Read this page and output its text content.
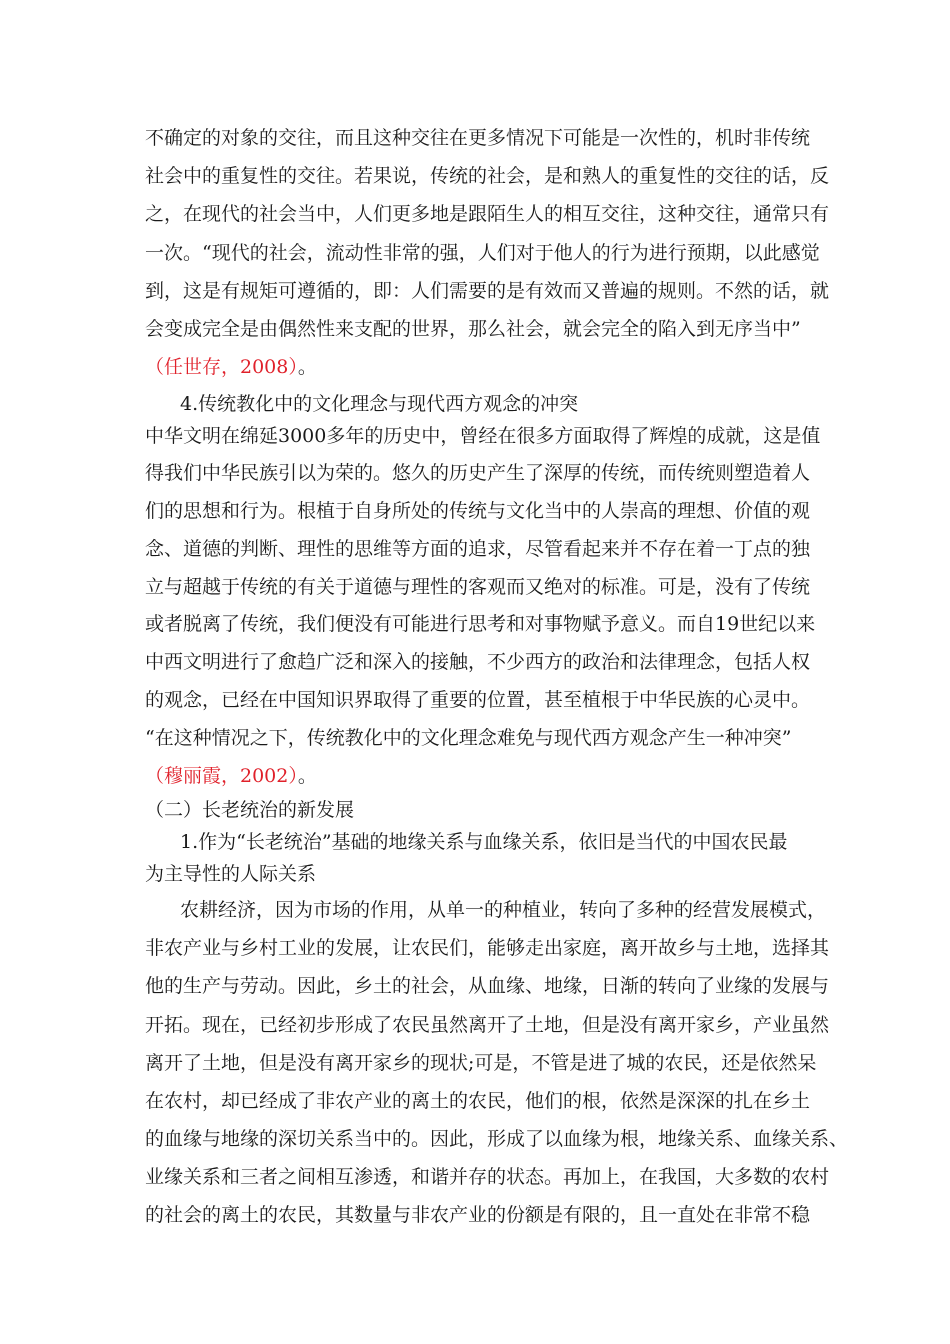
不确定的对象的交往，而且这种交往在更多情况下可能是一次性的，机时非传统
社会中的重复性的交往。若果说，传统的社会，是和熟人的重复性的交往的话，反
之，在现代的社会当中，人们更多地是跟陌生人的相互交往，这种交往，通常只有
一次。“现代的社会，流动性非常的强，人们对于他人的行为进行预期，以此感觉
到，这是有规矩可遵循的，即：人们需要的是有效而又普遍的规则。不然的话，就
会变成完全是由偶然性来支配的世界，那么社会，就会完全的陷入到无序当中”
（任世存，2008）。
4.传统教化中的文化理念与现代西方观念的冲突
中华文明在绵延3000多年的历史中，曾经在很多方面取得了辉煌的成就，这是值
得我们中华民族引以为荣的。悠久的历史产生了深厚的传统，而传统则塑造着人
们的思想和行为。根植于自身所处的传统与文化当中的人崇高的理想、价值的观
念、道德的判断、理性的思维等方面的追求，尽管看起来并不存在着一丁点的独
立与超越于传统的有关于道德与理性的客观而又绝对的标准。可是，没有了传统
或者脱离了传统，我们便没有可能进行思考和对事物赋予意义。而自19世纪以来
中西文明进行了愈趋广泛和深入的接触，不少西方的政治和法律理念，包括人权
的观念，已经在中国知识界取得了重要的位置，甚至植根于中华民族的心灵中。
“在这种情况之下，传统教化中的文化理念难免与现代西方观念产生一种冲突”
（穆丽霞，2002）。
（二）长老统治的新发展
1.作为“长老统治”基础的地缘关系与血缘关系，依旧是当代的中国农民最
为主导性的人际关系
农耕经济，因为市场的作用，从单一的种植业，转向了多种的经营发展模式，
非农产业与乡村工业的发展，让农民们，能够走出家庭，离开故乡与土地，选择其
他的生产与劳动。因此，乡土的社会，从血缘、地缘，日渐的转向了业缘的发展与
开拓。现在，已经初步形成了农民虽然离开了土地，但是没有离开家乡，产业虽然
离开了土地，但是没有离开家乡的现状;可是，不管是进了城的农民，还是依然呆
在农村，却已经成了非农产业的离土的农民，他们的根，依然是深深的扎在乡土
的血缘与地缘的深切关系当中的。因此，形成了以血缘为根，地缘关系、血缘关系、
业缘关系和三者之间相互渗透，和谐并存的状态。再加上，在我国，大多数的农村
的社会的离土的农民，其数量与非农产业的份额是有限的，且一直处在非常不稳
